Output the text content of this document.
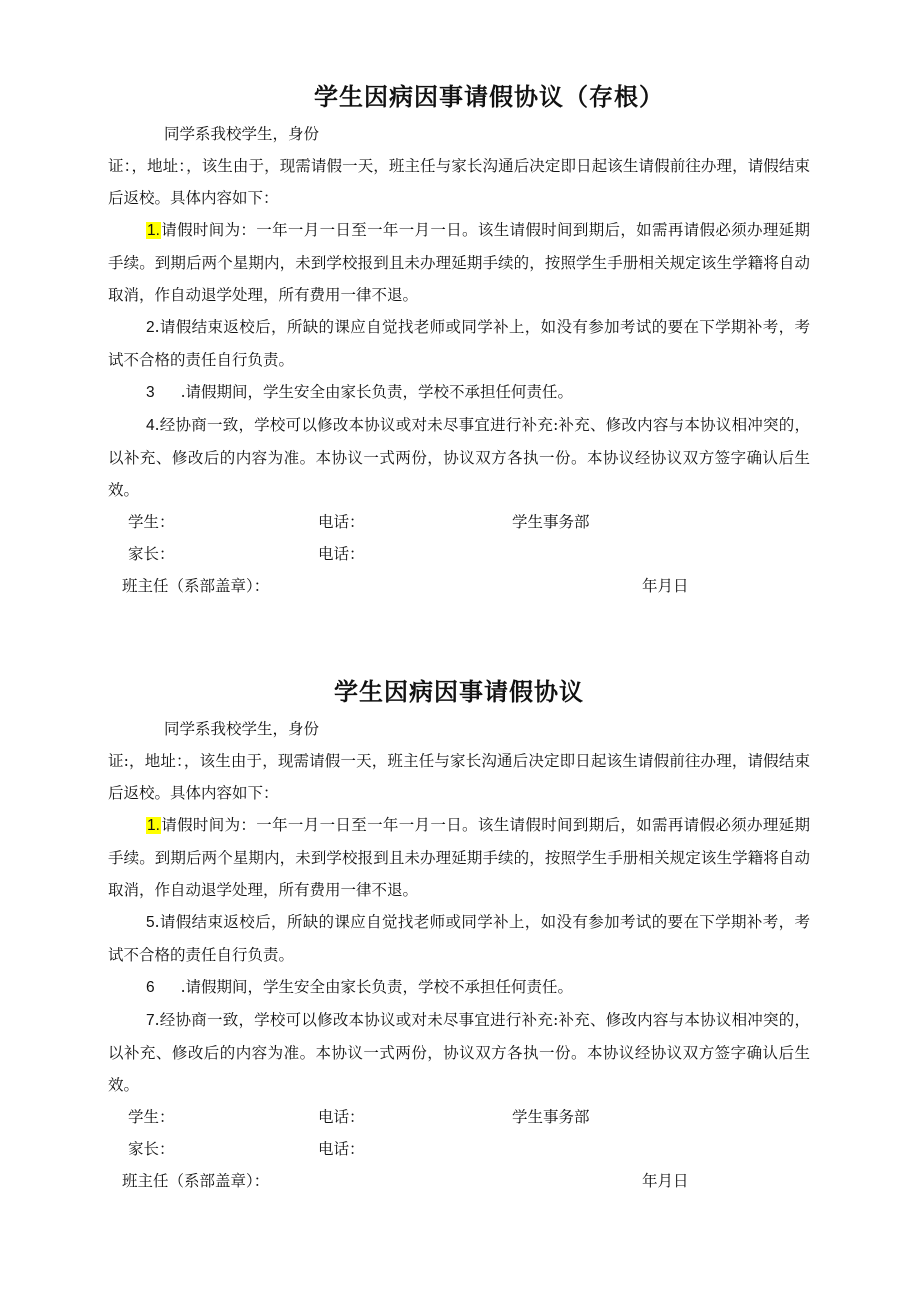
学生因病因事请假协议（存根）

同学系我校学生，身份

证：，地址：，该生由于，现需请假一天，班主任与家长沟通后决定即日起该生请假前往办理，请假结束后返校。具体内容如下：

1.请假时间为：一年一月一日至一年一月一日。该生请假时间到期后，如需再请假必须办理延期手续。到期后两个星期内，未到学校报到且未办理延期手续的，按照学生手册相关规定该生学籍将自动取消，作自动退学处理，所有费用一律不退。

2.请假结束返校后，所缺的课应自觉找老师或同学补上，如没有参加考试的要在下学期补考，考试不合格的责任自行负责。

3 .请假期间，学生安全由家长负责，学校不承担任何责任。

4.经协商一致，学校可以修改本协议或对未尽事宜进行补充:补充、修改内容与本协议相冲突的，以补充、修改后的内容为准。本协议一式两份，协议双方各执一份。本协议经协议双方签字确认后生效。

学生：	电话：	学生事务部
家长：	电话：
班主任（系部盖章）：	年月日
学生因病因事请假协议

同学系我校学生，身份

证:，地址：，该生由于，现需请假一天，班主任与家长沟通后决定即日起该生请假前往办理，请假结束后返校。具体内容如下：

1.请假时间为：一年一月一日至一年一月一日。该生请假时间到期后，如需再请假必须办理延期手续。到期后两个星期内，未到学校报到且未办理延期手续的，按照学生手册相关规定该生学籍将自动取消，作自动退学处理，所有费用一律不退。

5.请假结束返校后，所缺的课应自觉找老师或同学补上，如没有参加考试的要在下学期补考，考试不合格的责任自行负责。

6 .请假期间，学生安全由家长负责，学校不承担任何责任。

7.经协商一致，学校可以修改本协议或对未尽事宜进行补充:补充、修改内容与本协议相冲突的，以补充、修改后的内容为准。本协议一式两份，协议双方各执一份。本协议经协议双方签字确认后生效。

学生：	电话：	学生事务部
家长：	电话：
班主任（系部盖章）：	年月日
